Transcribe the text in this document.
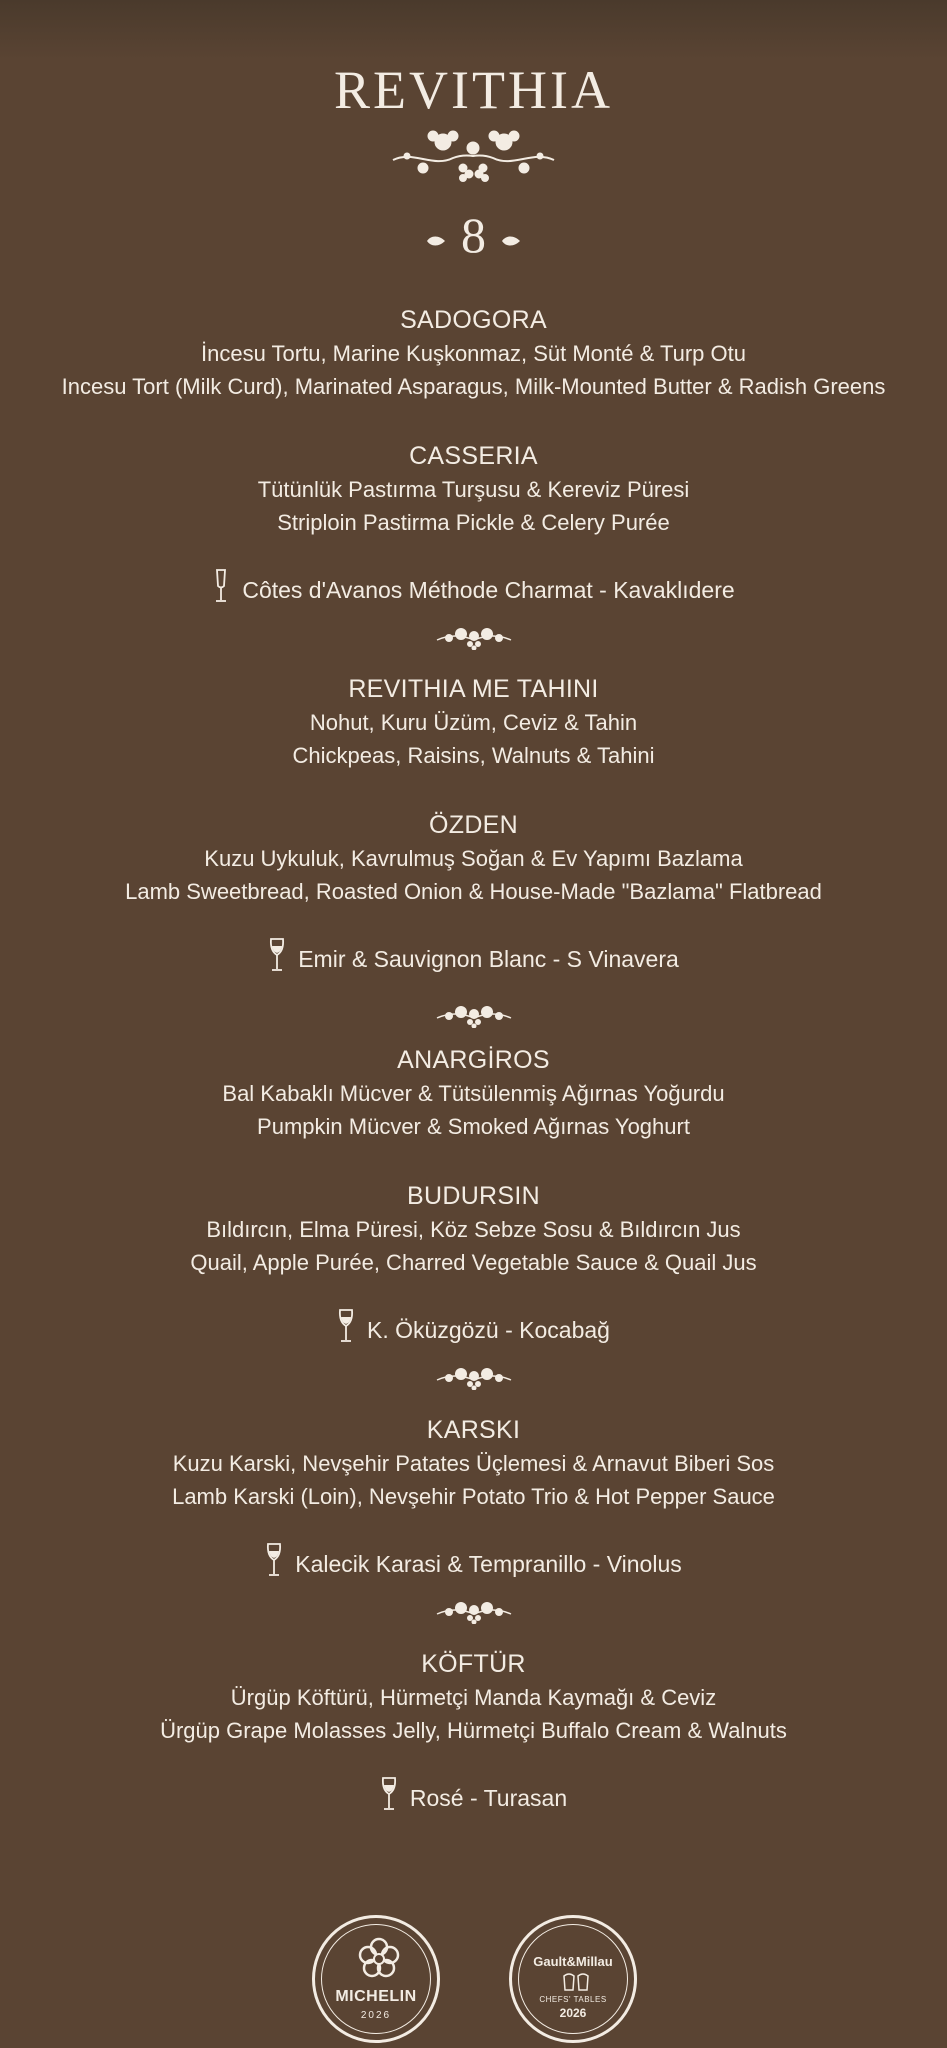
REVITHIA
8
SADOGORA
İncesu Tortu, Marine Kuşkonmaz, Süt Monté & Turp Otu
Incesu Tort (Milk Curd), Marinated Asparagus, Milk-Mounted Butter & Radish Greens
CASSERIA
Tütünlük Pastırma Turşusu & Kereviz Püresi
Striploin Pastirma Pickle & Celery Purée
Côtes d'Avanos Méthode Charmat - Kavaklıdere
REVITHIA ME TAHINI
Nohut, Kuru Üzüm, Ceviz & Tahin
Chickpeas, Raisins, Walnuts & Tahini
ÖZDEN
Kuzu Uykuluk, Kavrulmuş Soğan & Ev Yapımı Bazlama
Lamb Sweetbread, Roasted Onion & House-Made "Bazlama" Flatbread
Emir & Sauvignon Blanc - S Vinavera
ANARGİROS
Bal Kabaklı Mücver & Tütsülenmiş Ağırnas Yoğurdu
Pumpkin Mücver & Smoked Ağırnas Yoghurt
BUDURSIN
Bıldırcın, Elma Püresi, Köz Sebze Sosu & Bıldırcın Jus
Quail, Apple Purée, Charred Vegetable Sauce & Quail Jus
K. Öküzgözü - Kocabağ
KARSKI
Kuzu Karski, Nevşehir Patates Üçlemesi & Arnavut Biberi Sos
Lamb Karski (Loin), Nevşehir Potato Trio & Hot Pepper Sauce
Kalecik Karasi & Tempranillo - Vinolus
KÖFTÜR
Ürgüp Köftürü, Hürmetçi Manda Kaymağı & Ceviz
Ürgüp Grape Molasses Jelly, Hürmetçi Buffalo Cream & Walnuts
Rosé - Turasan
MICHELIN
2026
Gault&Millau
CHEFS' TABLES
2026
